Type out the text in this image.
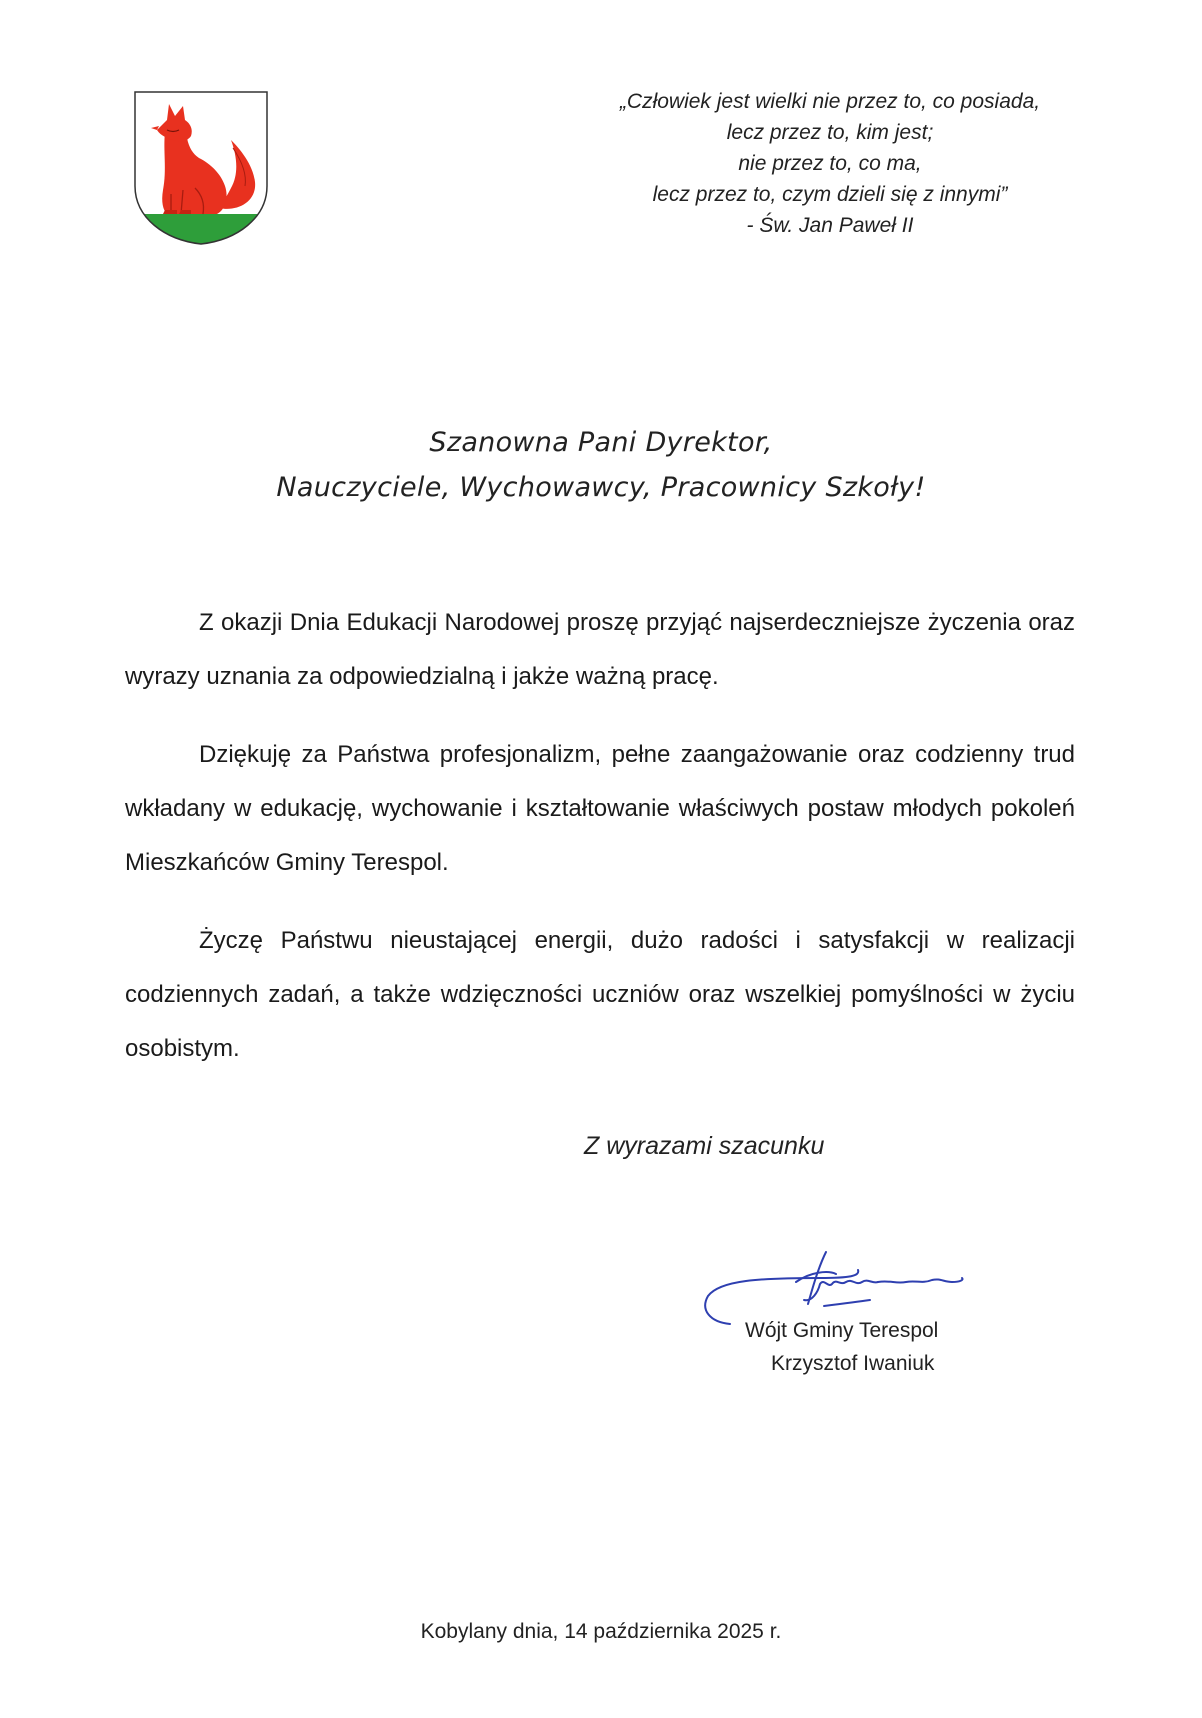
„Człowiek jest wielki nie przez to, co posiada,
lecz przez to, kim jest;
nie przez to, co ma,
lecz przez to, czym dzieli się z innymi”
- Św. Jan Paweł II
Szanowna Pani Dyrektor,
Nauczyciele, Wychowawcy, Pracownicy Szkoły!

Z okazji Dnia Edukacji Narodowej proszę przyjąć najserdeczniejsze życzenia oraz wyrazy uznania za odpowiedzialną i jakże ważną pracę.

Dziękuję za Państwa profesjonalizm, pełne zaangażowanie oraz codzienny trud wkładany w edukację, wychowanie i kształtowanie właściwych postaw młodych pokoleń Mieszkańców Gminy Terespol.

Życzę Państwu nieustającej energii, dużo radości i satysfakcji w realizacji codziennych zadań, a także wdzięczności uczniów oraz wszelkiej pomyślności w życiu osobistym.

Z wyrazami szacunku
Wójt Gminy Terespol
Krzysztof Iwaniuk
Kobylany dnia, 14 października 2025 r.
